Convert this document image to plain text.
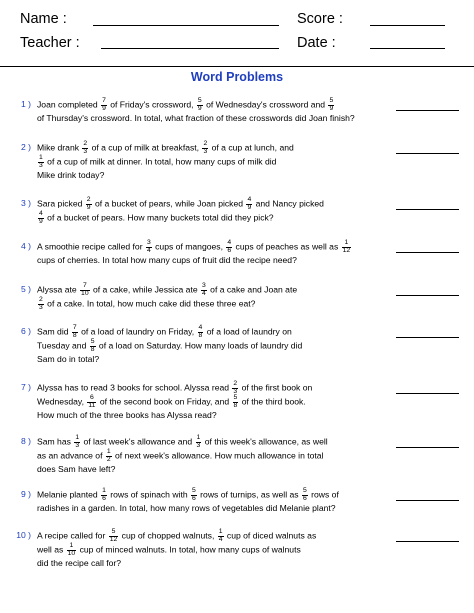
Name :	Score :
Teacher :	Date :
Word Problems
1 ) Joan completed $\frac{7}{9}$ of Friday's crossword, $\frac{5}{9}$ of Wednesday's crossword and $\frac{5}{9}$
of Thursday's crossword. In total, what fraction of these crosswords did Joan finish?
2 ) Mike drank $\frac{2}{3}$ of a cup of milk at breakfast, $\frac{2}{3}$ of a cup at lunch, and
$\frac{1}{3}$ of a cup of milk at dinner. In total, how many cups of milk did
Mike drink today?
3 ) Sara picked $\frac{2}{9}$ of a bucket of pears, while Joan picked $\frac{4}{9}$ and Nancy picked
$\frac{4}{9}$ of a bucket of pears. How many buckets total did they pick?
4 ) A smoothie recipe called for $\frac{3}{4}$ cups of mangoes, $\frac{4}{6}$ cups of peaches as well as $\frac{1}{12}$
cups of cherries. In total how many cups of fruit did the recipe need?
5 ) Alyssa ate $\frac{7}{10}$ of a cake, while Jessica ate $\frac{3}{4}$ of a cake and Joan ate
$\frac{2}{3}$ of a cake. In total, how much cake did these three eat?
6 ) Sam did $\frac{7}{8}$ of a load of laundry on Friday, $\frac{4}{8}$ of a load of laundry on
Tuesday and $\frac{5}{8}$ of a load on Saturday. How many loads of laundry did
Sam do in total?
7 ) Alyssa has to read 3 books for school. Alyssa read $\frac{2}{3}$ of the first book on
Wednesday, $\frac{6}{11}$ of the second book on Friday, and $\frac{5}{8}$ of the third book.
How much of the three books has Alyssa read?
8 ) Sam has $\frac{1}{3}$ of last week's allowance and $\frac{1}{3}$ of this week's allowance, as well
as an advance of $\frac{1}{2}$ of next week's allowance. How much allowance in total
does Sam have left?
9 ) Melanie planted $\frac{1}{6}$ rows of spinach with $\frac{5}{6}$ rows of turnips, as well as $\frac{5}{6}$ rows of
radishes in a garden. In total, how many rows of vegetables did Melanie plant?
10 ) A recipe called for $\frac{5}{12}$ cup of chopped walnuts, $\frac{1}{4}$ cup of diced walnuts as
well as $\frac{1}{10}$ cup of minced walnuts. In total, how many cups of walnuts
did the recipe call for?
